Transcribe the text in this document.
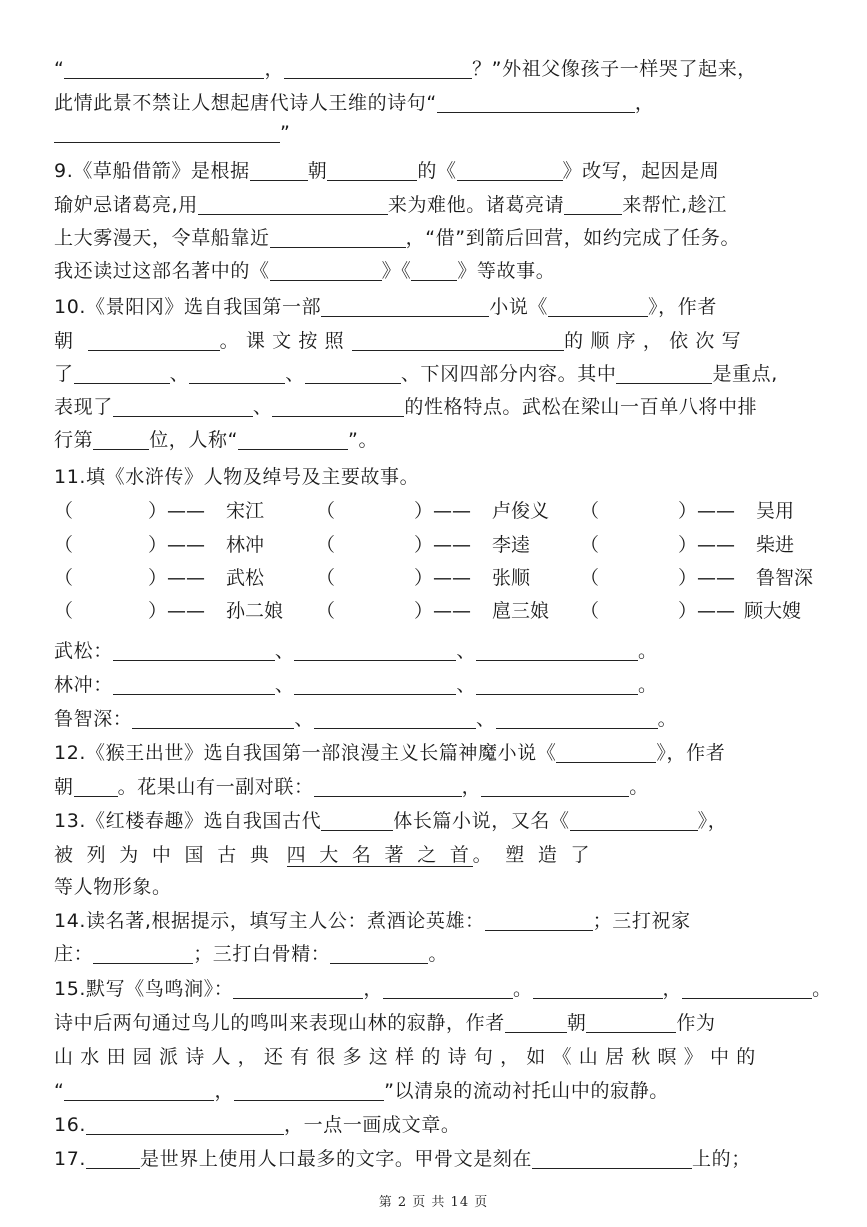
“	，	？”外祖父像孩子一样哭了起来，
此情此景不禁让人想起唐代诗人王维的诗句“	，
”
9.《草船借箭》是根据	朝	的《	》改写，起因是周
瑜妒忌诸葛亮,用	来为难他。诸葛亮请	来帮忙,趁江
上大雾漫天，令草船靠近	，“借”到箭后回营，如约完成了任务。
我还读过这部名著中的《	》《 》等故事。
10.《景阳冈》选自我国第一部	小说《	》，作者
朝	。 课 文 按 照	的 顺 序 ， 依 次 写
了	、	、	、下冈四部分内容。其中	是重点,
表现了	、	的性格特点。武松在梁山一百单八将中排
行第	位，人称“	”。
11.填《水浒传》人物及绰号及主要故事。
（	）—— 宋江	（	）—— 卢俊义 （	）—— 吴用
（	）—— 林冲	（	）—— 李逵	（	）—— 柴进
（	）—— 武松	（	）—— 张顺	（	）—— 鲁智深
（	）—— 孙二娘 （	）—— 扈三娘 （	）—— 顾大嫂
武松：	、	、	。
林冲：	、	、	。
鲁智深：	、	、	。
12.《猴王出世》选自我国第一部浪漫主义长篇神魔小说《	》，作者
朝 。花果山有一副对联：	，	。
13.《红楼春趣》选自我国古代	体长篇小说，又名《	》，
被 列 为 中 国 古 典 四 大 名 著 之 首。 塑 造 了
等人物形象。
14.读名著,根据提示，填写主人公：煮酒论英雄：	；三打祝家
庄：	；三打白骨精：	。
15.默写《鸟鸣涧》：	，	。	，	。
诗中后两句通过鸟儿的鸣叫来表现山林的寂静，作者	朝	作为
山 水 田 园 派 诗 人 ， 还 有 很 多 这 样 的 诗 句 ， 如 《 山 居 秋 暝 》 中 的
“	，	”以清泉的流动衬托山中的寂静。
16.	，一点一画成文章。
17.	是世界上使用人口最多的文字。甲骨文是刻在	上的；
第 2 页 共 14 页
